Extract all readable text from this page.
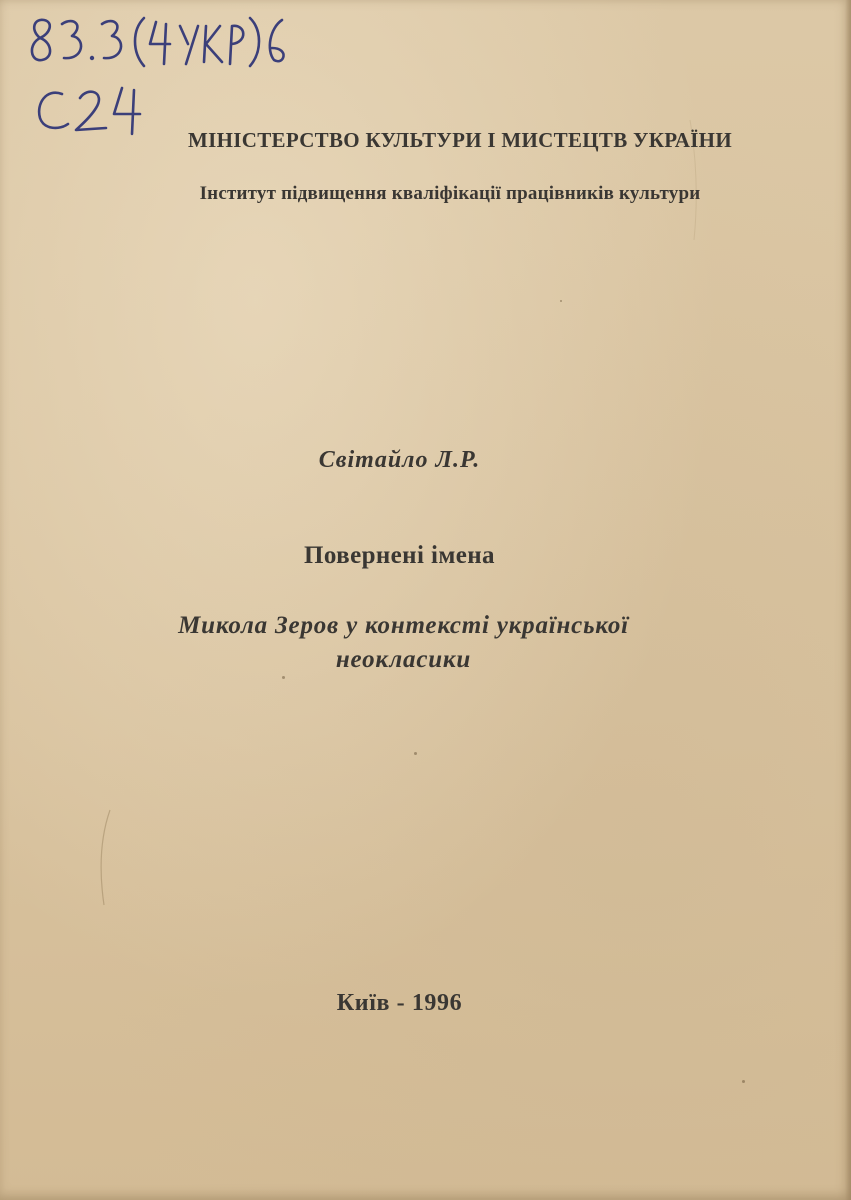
МІНІСТЕРСТВО КУЛЬТУРИ І МИСТЕЦТВ УКРАЇНИ
Інститут підвищення кваліфікації працівників культури
Світайло Л.Р.
Повернені імена
Микола Зеров у контексті української
неокласики
Київ - 1996
